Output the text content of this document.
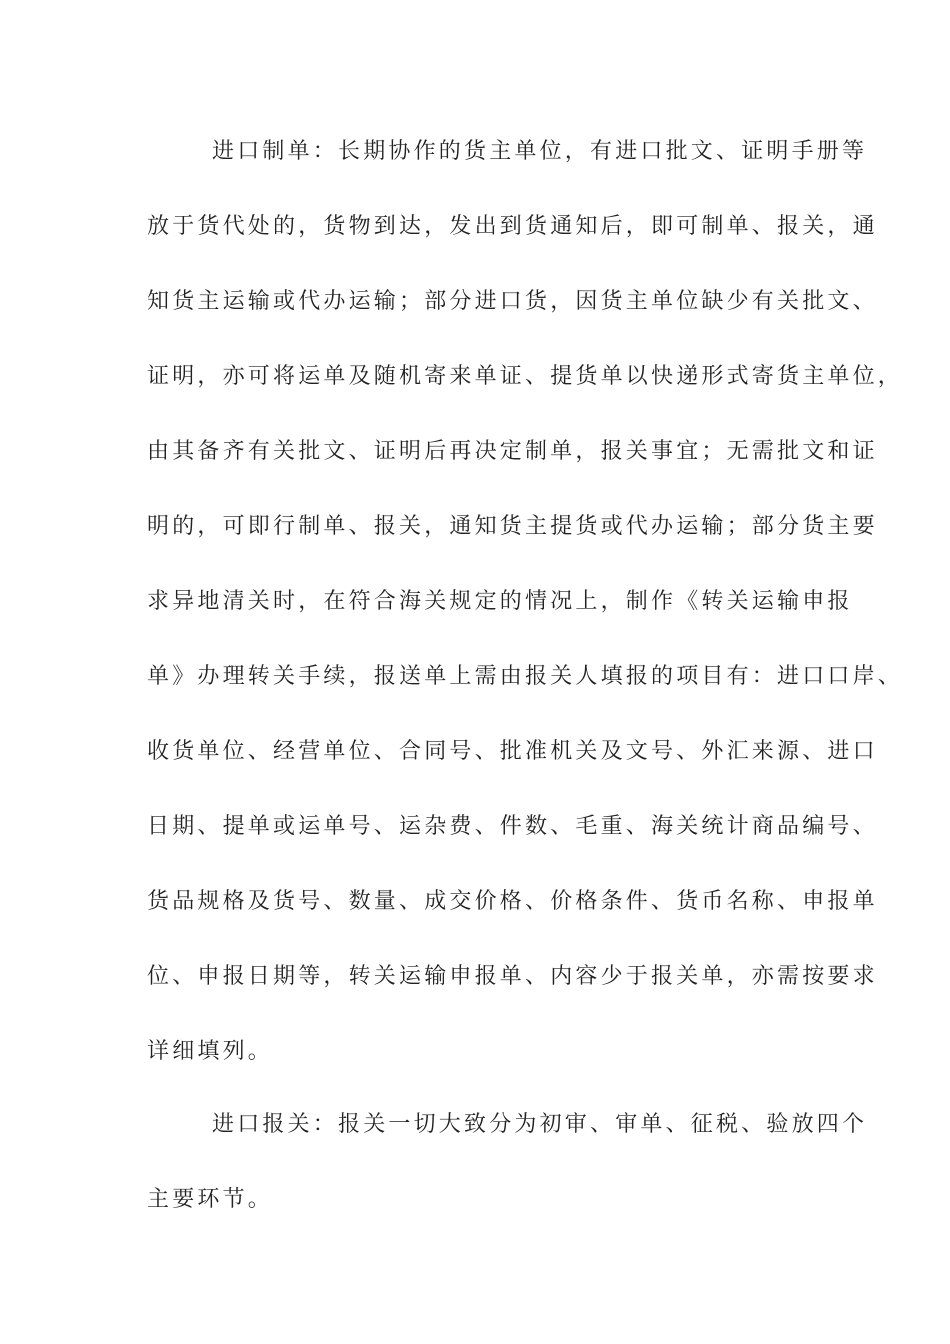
进口制单：长期协作的货主单位，有进口批文、证明手册等
放于货代处的，货物到达，发出到货通知后，即可制单、报关，通
知货主运输或代办运输；部分进口货，因货主单位缺少有关批文、
证明，亦可将运单及随机寄来单证、提货单以快递形式寄货主单位，
由其备齐有关批文、证明后再决定制单，报关事宜；无需批文和证
明的，可即行制单、报关，通知货主提货或代办运输；部分货主要
求异地清关时，在符合海关规定的情况上，制作《转关运输申报
单》办理转关手续，报送单上需由报关人填报的项目有：进口口岸、
收货单位、经营单位、合同号、批准机关及文号、外汇来源、进口
日期、提单或运单号、运杂费、件数、毛重、海关统计商品编号、
货品规格及货号、数量、成交价格、价格条件、货币名称、申报单
位、申报日期等，转关运输申报单、内容少于报关单，亦需按要求
详细填列。
进口报关：报关一切大致分为初审、审单、征税、验放四个
主要环节。
